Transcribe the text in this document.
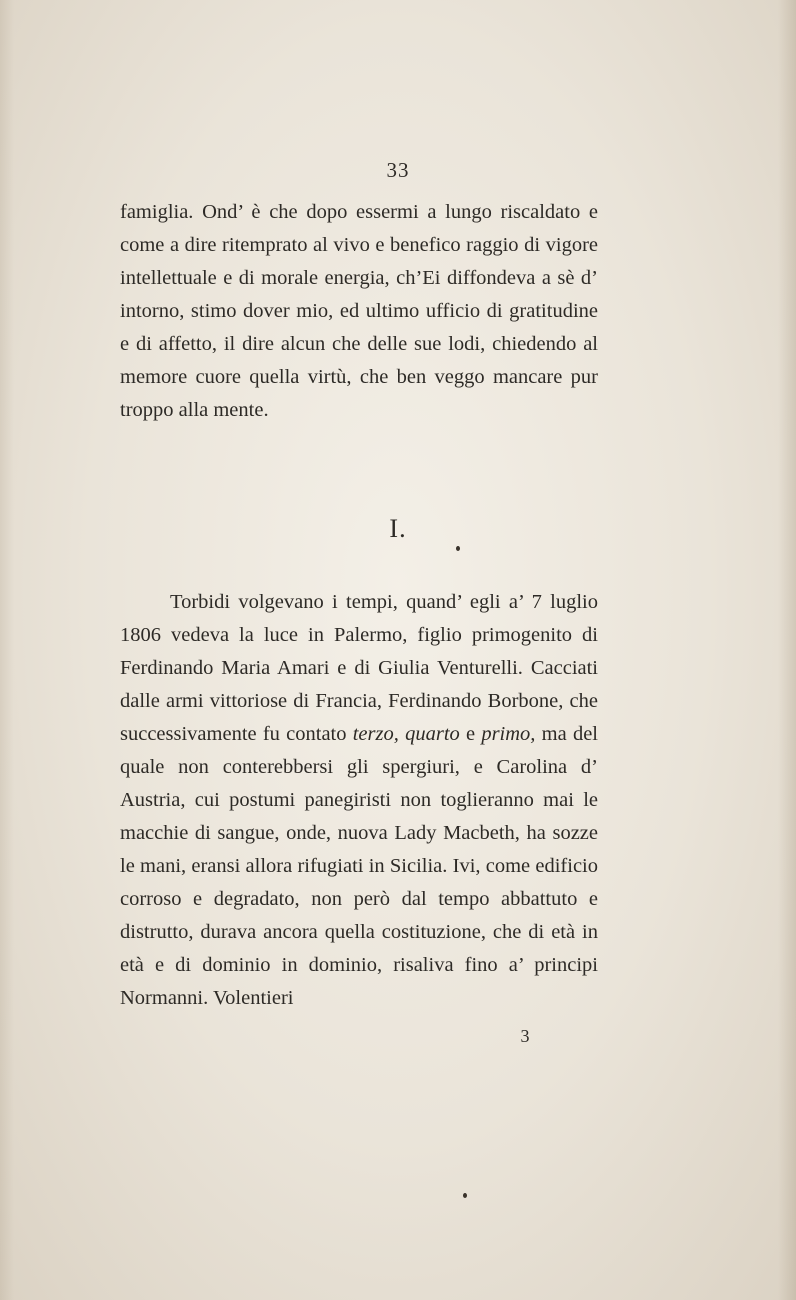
33

famiglia. Ond’ è che dopo essermi a lungo riscaldato e come a dire ritemprato al vivo e benefico raggio di vigore intellettuale e di morale energia, ch’Ei diffondeva a sè d’ intorno, stimo dover mio, ed ultimo ufficio di gratitudine e di affetto, il dire alcun che delle sue lodi, chiedendo al memore cuore quella virtù, che ben veggo mancare pur troppo alla mente.

I.

Torbidi volgevano i tempi, quand’ egli a’ 7 luglio 1806 vedeva la luce in Palermo, figlio primogenito di Ferdinando Maria Amari e di Giulia Venturelli. Cacciati dalle armi vittoriose di Francia, Ferdinando Borbone, che successivamente fu contato terzo, quarto e primo, ma del quale non conterebbersi gli spergiuri, e Carolina d’ Austria, cui postumi panegiristi non toglieranno mai le macchie di sangue, onde, nuova Lady Macbeth, ha sozze le mani, eransi allora rifugiati in Sicilia. Ivi, come edificio corroso e degradato, non però dal tempo abbattuto e distrutto, durava ancora quella costituzione, che di età in età e di dominio in dominio, risaliva fino a’ principi Normanni. Volentieri

3
